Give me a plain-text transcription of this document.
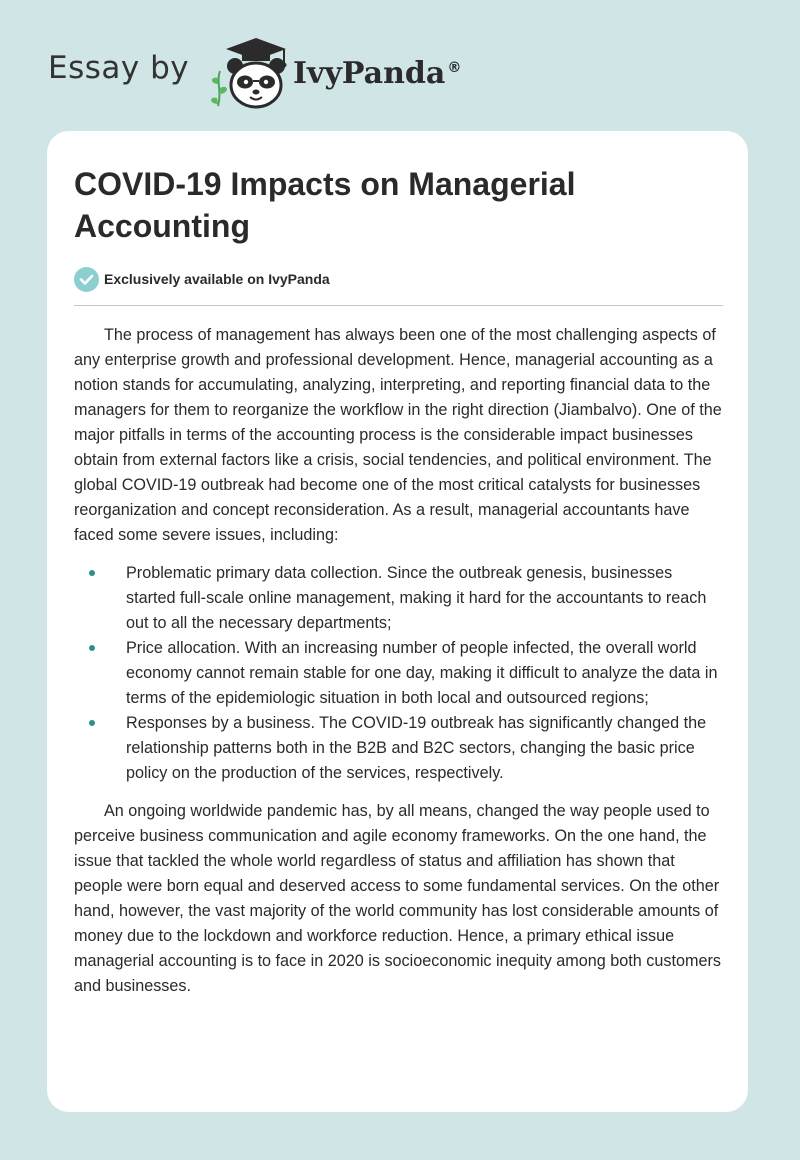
Essay by	IvyPanda ®
COVID-19 Impacts on Managerial Accounting
Exclusively available on IvyPanda

The process of management has always been one of the most challenging aspects of any enterprise growth and professional development. Hence, managerial accounting as a notion stands for accumulating, analyzing, interpreting, and reporting financial data to the managers for them to reorganize the workflow in the right direction (Jiambalvo). One of the major pitfalls in terms of the accounting process is the considerable impact businesses obtain from external factors like a crisis, social tendencies, and political environment. The global COVID-19 outbreak had become one of the most critical catalysts for businesses reorganization and concept reconsideration. As a result, managerial accountants have faced some severe issues, including:

Problematic primary data collection. Since the outbreak genesis, businesses started full-scale online management, making it hard for the accountants to reach out to all the necessary departments;
Price allocation. With an increasing number of people infected, the overall world economy cannot remain stable for one day, making it difficult to analyze the data in terms of the epidemiologic situation in both local and outsourced regions;
Responses by a business. The COVID-19 outbreak has significantly changed the relationship patterns both in the B2B and B2C sectors, changing the basic price policy on the production of the services, respectively.

An ongoing worldwide pandemic has, by all means, changed the way people used to perceive business communication and agile economy frameworks. On the one hand, the issue that tackled the whole world regardless of status and affiliation has shown that people were born equal and deserved access to some fundamental services. On the other hand, however, the vast majority of the world community has lost considerable amounts of money due to the lockdown and workforce reduction. Hence, a primary ethical issue managerial accounting is to face in 2020 is socioeconomic inequity among both customers and businesses.
